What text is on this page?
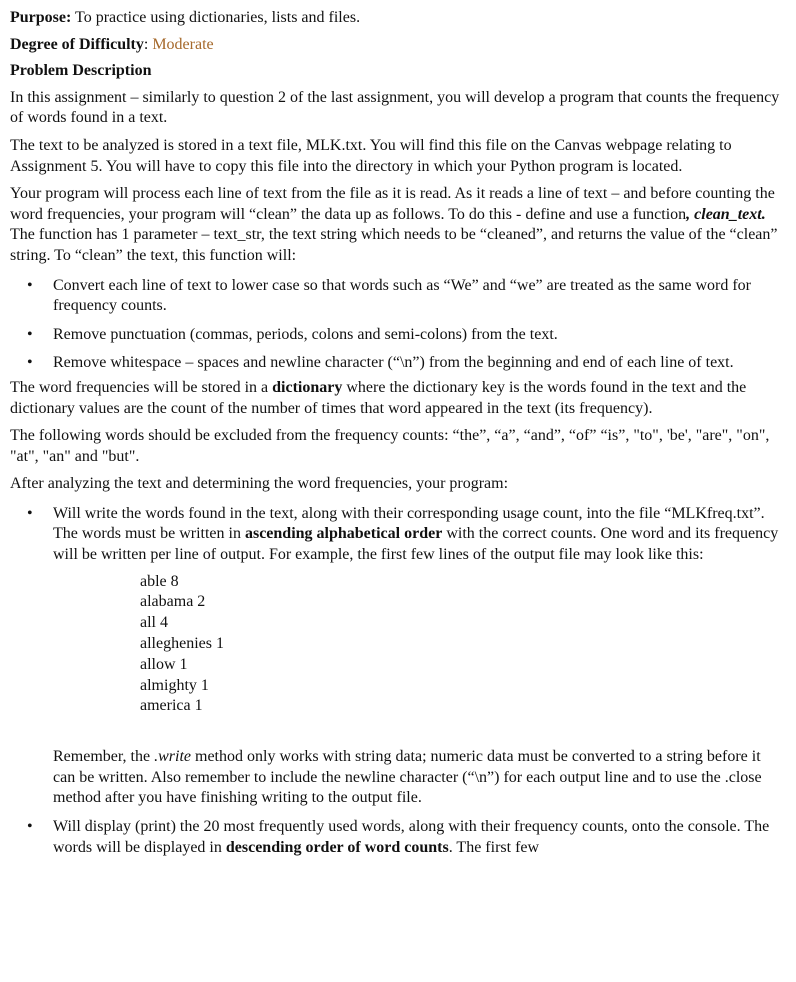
Purpose: To practice using dictionaries, lists and files.
Degree of Difficulty: Moderate
Problem Description

In this assignment – similarly to question 2 of the last assignment, you will develop a program that counts the frequency of words found in a text.

The text to be analyzed is stored in a text file, MLK.txt. You will find this file on the Canvas webpage relating to Assignment 5. You will have to copy this file into the directory in which your Python program is located.

Your program will process each line of text from the file as it is read. As it reads a line of text – and before counting the word frequencies, your program will “clean” the data up as follows. To do this - define and use a function, clean_text. The function has 1 parameter – text_str, the text string which needs to be “cleaned”, and returns the value of the “clean” string. To “clean” the text, this function will:

• Convert each line of text to lower case so that words such as “We” and “we” are treated as the same word for frequency counts.
• Remove punctuation (commas, periods, colons and semi-colons) from the text.
• Remove whitespace – spaces and newline character (“\n”) from the beginning and end of each line of text.

The word frequencies will be stored in a dictionary where the dictionary key is the words found in the text and the dictionary values are the count of the number of times that word appeared in the text (its frequency).

The following words should be excluded from the frequency counts: “the”, “a”, “and”, “of” “is”, "to", 'be', "are", "on", "at", "an" and "but".

After analyzing the text and determining the word frequencies, your program:

• Will write the words found in the text, along with their corresponding usage count, into the file “MLKfreq.txt”. The words must be written in ascending alphabetical order with the correct counts. One word and its frequency will be written per line of output. For example, the first few lines of the output file may look like this:
able 8
alabama 2
all 4
alleghenies 1
allow 1
almighty 1
america 1
Remember, the .write method only works with string data; numeric data must be converted to a string before it can be written. Also remember to include the newline character (“\n”) for each output line and to use the .close method after you have finishing writing to the output file.
• Will display (print) the 20 most frequently used words, along with their frequency counts, onto the console. The words will be displayed in descending order of word counts. The first few
